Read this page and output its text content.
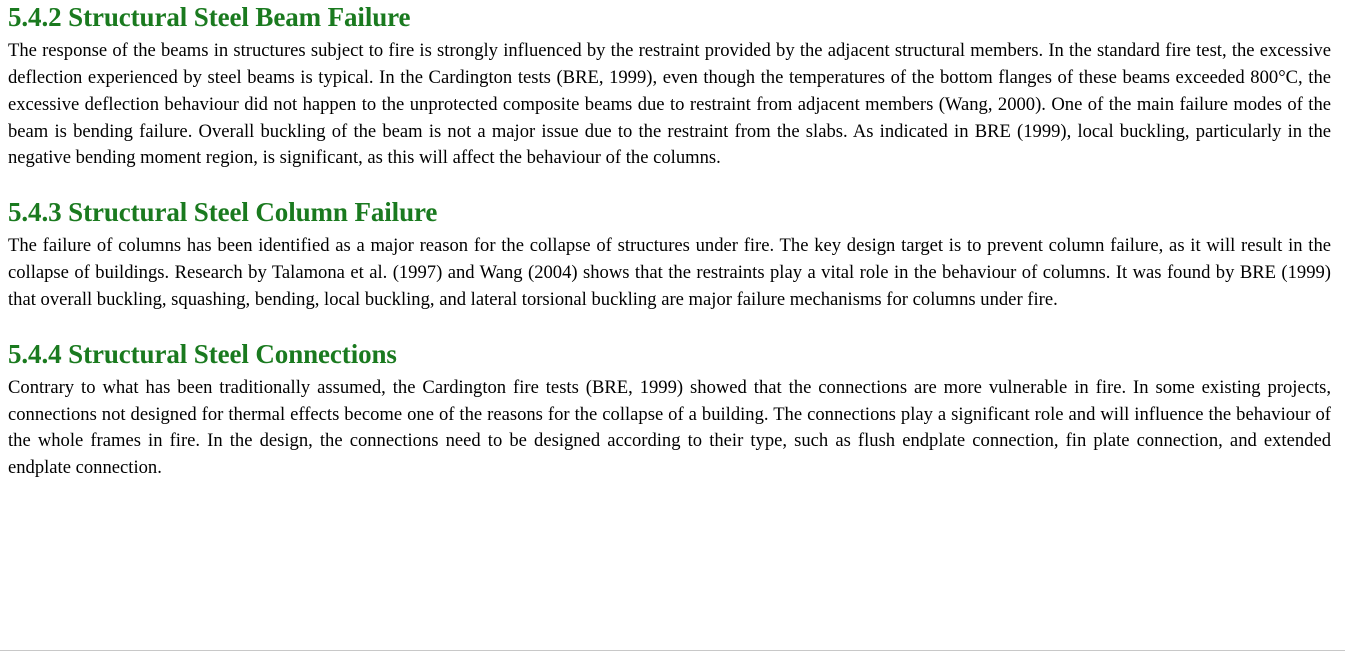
5.4.2 Structural Steel Beam Failure

The response of the beams in structures subject to fire is strongly influenced by the restraint provided by the adjacent structural members. In the standard fire test, the excessive deflection experienced by steel beams is typical. In the Cardington tests (BRE, 1999), even though the temperatures of the bottom flanges of these beams exceeded 800°C, the excessive deflection behaviour did not happen to the unprotected composite beams due to restraint from adjacent members (Wang, 2000). One of the main failure modes of the beam is bending failure. Overall buckling of the beam is not a major issue due to the restraint from the slabs. As indicated in BRE (1999), local buckling, particularly in the negative bending moment region, is significant, as this will affect the behaviour of the columns.

5.4.3 Structural Steel Column Failure

The failure of columns has been identified as a major reason for the collapse of structures under fire. The key design target is to prevent column failure, as it will result in the collapse of buildings. Research by Talamona et al. (1997) and Wang (2004) shows that the restraints play a vital role in the behaviour of columns. It was found by BRE (1999) that overall buckling, squashing, bending, local buckling, and lateral torsional buckling are major failure mechanisms for columns under fire.

5.4.4 Structural Steel Connections

Contrary to what has been traditionally assumed, the Cardington fire tests (BRE, 1999) showed that the connections are more vulnerable in fire. In some existing projects, connections not designed for thermal effects become one of the reasons for the collapse of a building. The connections play a significant role and will influence the behaviour of the whole frames in fire. In the design, the connections need to be designed according to their type, such as flush endplate connection, fin plate connection, and extended endplate connection.
